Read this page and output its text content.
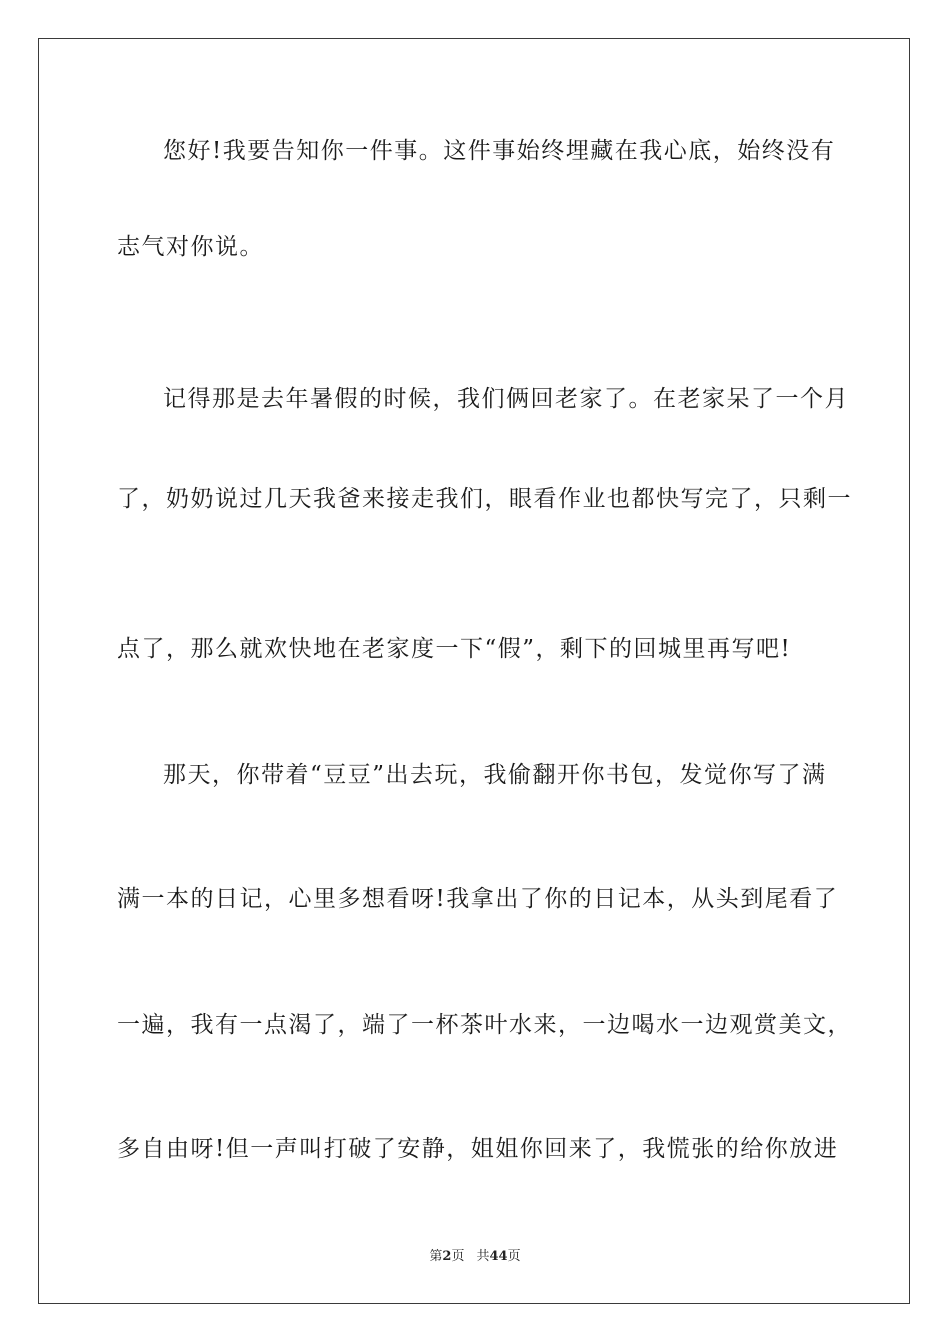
您好!我要告知你一件事。这件事始终埋藏在我心底，始终没有
志气对你说。
记得那是去年暑假的时候，我们俩回老家了。在老家呆了一个月
了，奶奶说过几天我爸来接走我们，眼看作业也都快写完了，只剩一
点了，那么就欢快地在老家度一下“假”，剩下的回城里再写吧!
那天，你带着“豆豆”出去玩，我偷翻开你书包，发觉你写了满
满一本的日记，心里多想看呀!我拿出了你的日记本，从头到尾看了
一遍，我有一点渴了，端了一杯茶叶水来，一边喝水一边观赏美文，
多自由呀!但一声叫打破了安静，姐姐你回来了，我慌张的给你放进
第2页 共44页
